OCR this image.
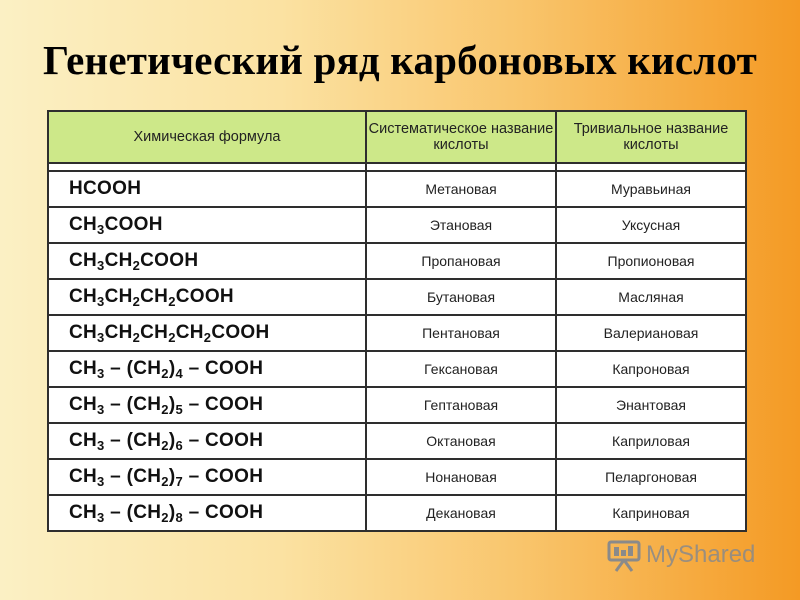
Генетический ряд карбоновых кислот
Химическая формула	Систематическое название кислоты	Тривиальное название кислоты

HCOOH	Метановая	Муравьиная
$CH_3COOH$	Этановая	Уксусная
$CH_3CH_2COOH$	Пропановая	Пропионовая
$CH_3CH_2CH_2COOH$	Бутановая	Масляная
$CH_3CH_2CH_2CH_2COOH$	Пентановая	Валериановая
$CH_3 - (CH_2)_4$ – COOH	Гексановая	Капроновая
$CH_3 - (CH_2)_5$ – COOH	Гептановая	Энантовая
$CH_3 - (CH_2)_6$ – COOH	Октановая	Каприловая
$CH_3 - (CH_2)_7$ – COOH	Нонановая	Пеларгоновая
$CH_3 - (CH_2)_8$ – COOH	Декановая	Каприновая
MyShared
